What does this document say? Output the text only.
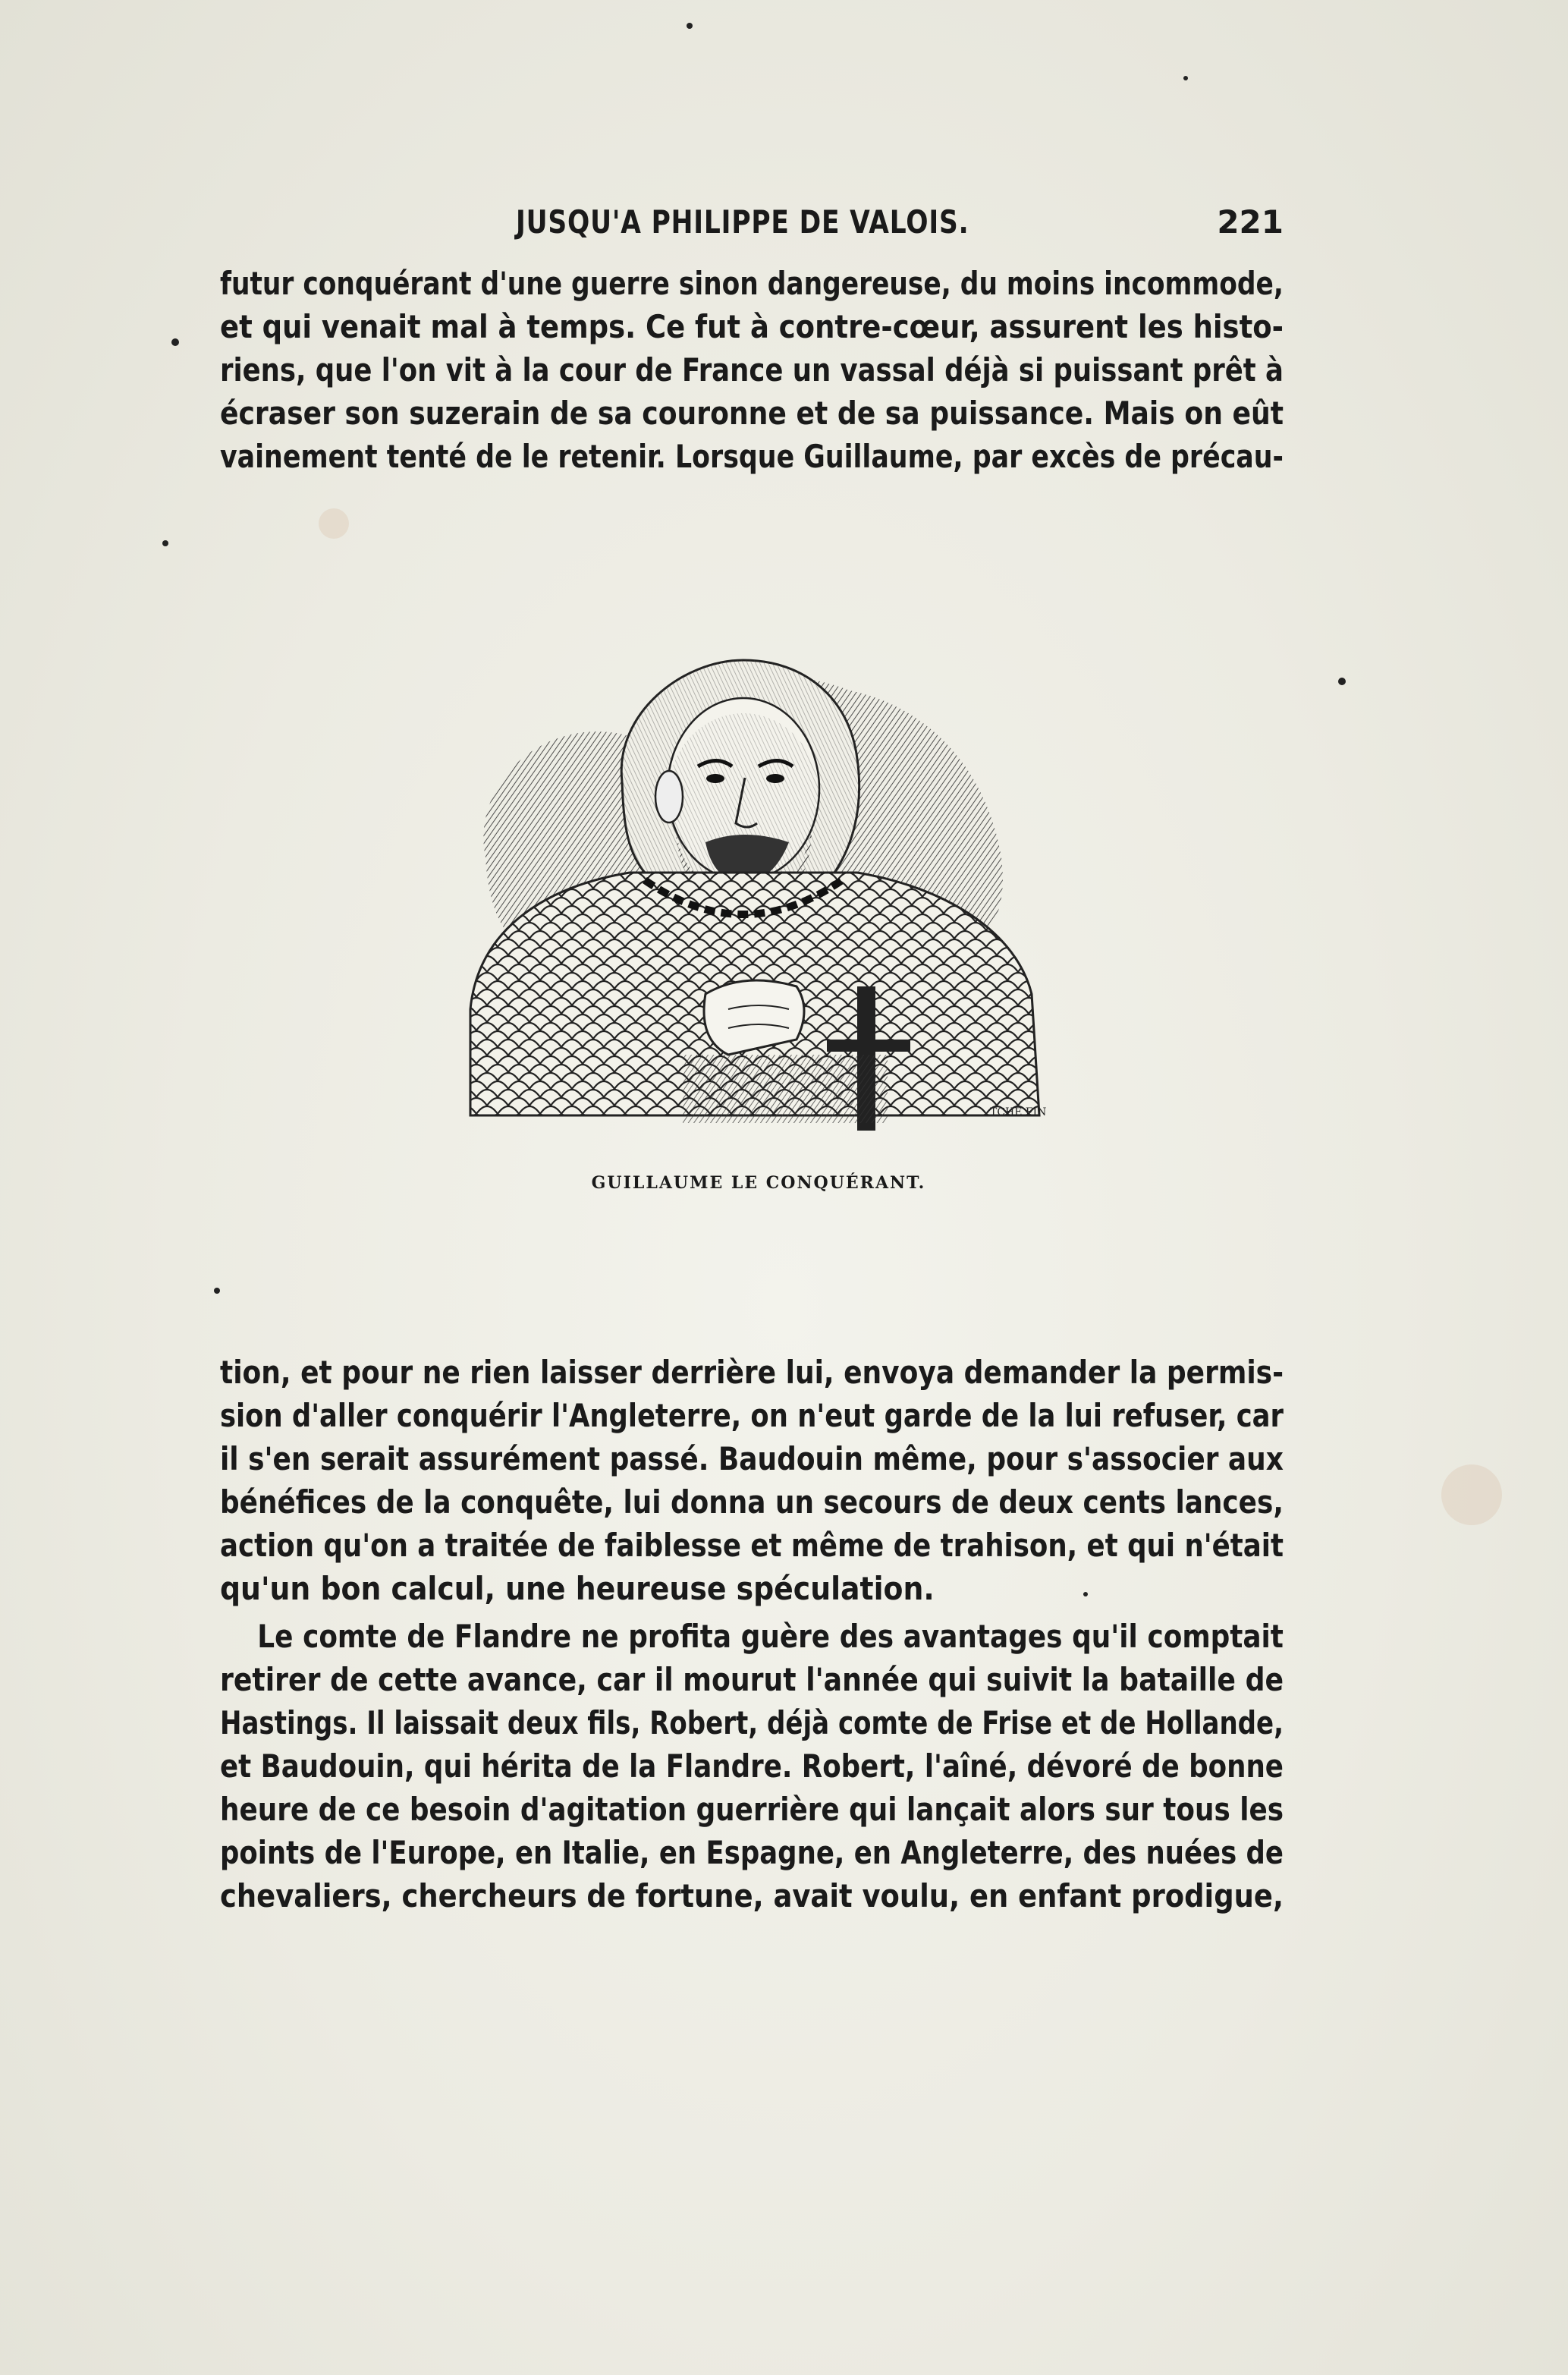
JUSQU'A PHILIPPE DE VALOIS.	221
futur conquérant d'une guerre sinon dangereuse, du moins incommode,
et qui venait mal à temps. Ce fut à contre-cœur, assurent les histo-
riens, que l'on vit à la cour de France un vassal déjà si puissant prêt à
écraser son suzerain de sa couronne et de sa puissance. Mais on eût
vainement tenté de le retenir. Lorsque Guillaume, par excès de précau-
TCHE FIN
GUILLAUME LE CONQUÉRANT.
tion, et pour ne rien laisser derrière lui, envoya demander la permis-
sion d'aller conquérir l'Angleterre, on n'eut garde de la lui refuser, car
il s'en serait assurément passé. Baudouin même, pour s'associer aux
bénéfices de la conquête, lui donna un secours de deux cents lances,
action qu'on a traitée de faiblesse et même de trahison, et qui n'était
qu'un bon calcul, une heureuse spéculation.
Le comte de Flandre ne profita guère des avantages qu'il comptait
retirer de cette avance, car il mourut l'année qui suivit la bataille de
Hastings. Il laissait deux fils, Robert, déjà comte de Frise et de Hollande,
et Baudouin, qui hérita de la Flandre. Robert, l'aîné, dévoré de bonne
heure de ce besoin d'agitation guerrière qui lançait alors sur tous les
points de l'Europe, en Italie, en Espagne, en Angleterre, des nuées de
chevaliers, chercheurs de fortune, avait voulu, en enfant prodigue,
